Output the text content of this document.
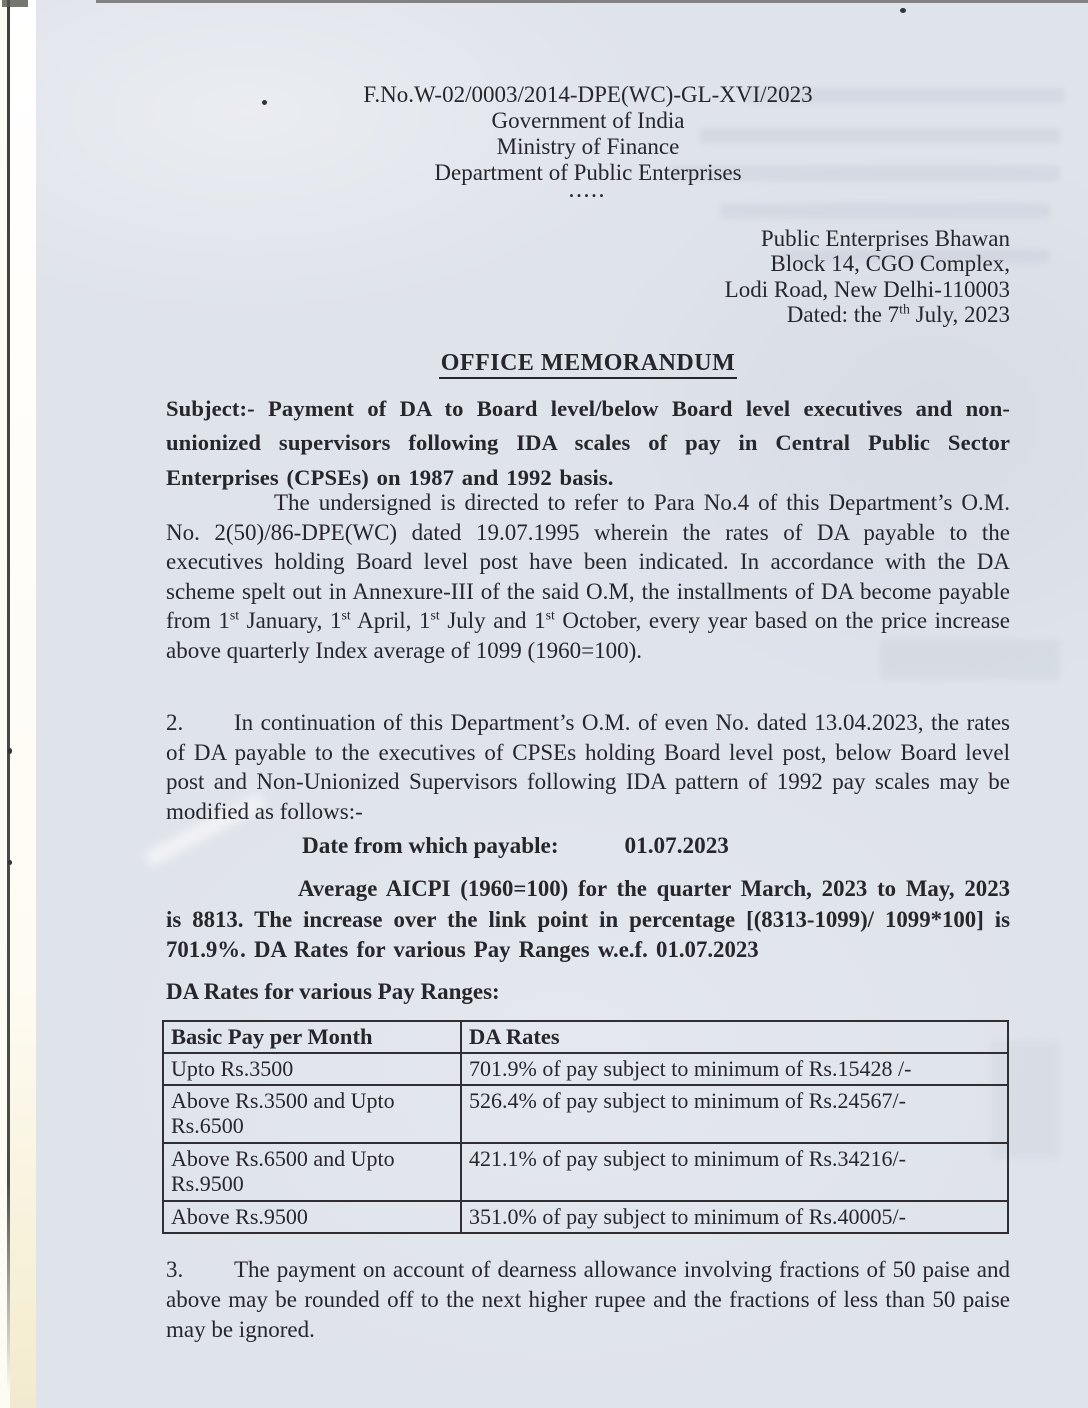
F.No.W-02/0003/2014-DPE(WC)-GL-XVI/2023
Government of India
Ministry of Finance
Department of Public Enterprises
.....
Public Enterprises Bhawan
Block 14, CGO Complex,
Lodi Road, New Delhi-110003
Dated: the 7th July, 2023
OFFICE MEMORANDUM
Subject:- Payment of DA to Board level/below Board level executives and non-unionized supervisors following IDA scales of pay in Central Public Sector Enterprises (CPSEs) on 1987 and 1992 basis.
The undersigned is directed to refer to Para No.4 of this Department’s O.M. No. 2(50)/86-DPE(WC) dated 19.07.1995 wherein the rates of DA payable to the executives holding Board level post have been indicated. In accordance with the DA scheme spelt out in Annexure-III of the said O.M, the installments of DA become payable from 1st January, 1st April, 1st July and 1st October, every year based on the price increase above quarterly Index average of 1099 (1960=100).
2. In continuation of this Department’s O.M. of even No. dated 13.04.2023, the rates of DA payable to the executives of CPSEs holding Board level post, below Board level post and Non-Unionized Supervisors following IDA pattern of 1992 pay scales may be modified as follows:-
Date from which payable:	01.07.2023
Average AICPI (1960=100) for the quarter March, 2023 to May, 2023 is 8813. The increase over the link point in percentage [(8313-1099)/ 1099*100] is 701.9%. DA Rates for various Pay Ranges w.e.f. 01.07.2023
DA Rates for various Pay Ranges:
Basic Pay per Month	DA Rates
Upto Rs.3500	701.9% of pay subject to minimum of Rs.15428 /-
Above Rs.3500 and Upto Rs.6500	526.4% of pay subject to minimum of Rs.24567/-
Above Rs.6500 and Upto Rs.9500	421.1% of pay subject to minimum of Rs.34216/-
Above Rs.9500	351.0% of pay subject to minimum of Rs.40005/-
3. The payment on account of dearness allowance involving fractions of 50 paise and above may be rounded off to the next higher rupee and the fractions of less than 50 paise may be ignored.
